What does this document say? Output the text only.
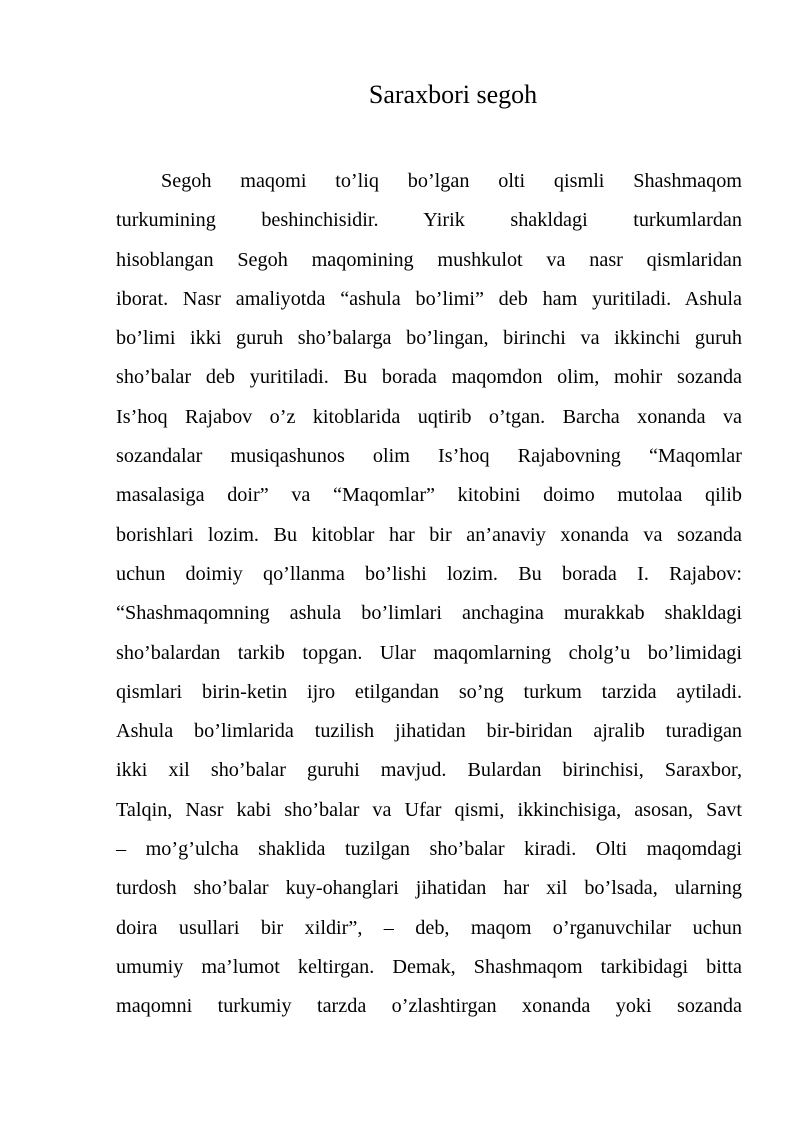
Saraxbori segoh
Segoh maqomi to’liq bo’lgan olti qismli Shashmaqom
turkumining beshinchisidir. Yirik shakldagi turkumlardan
hisoblangan Segoh maqomining mushkulot va nasr qismlaridan
iborat. Nasr amaliyotda “ashula bo’limi” deb ham yuritiladi. Ashula
bo’limi ikki guruh sho’balarga bo’lingan, birinchi va ikkinchi guruh
sho’balar deb yuritiladi. Bu borada maqomdon olim, mohir sozanda
Is’hoq Rajabov o’z kitoblarida uqtirib o’tgan. Barcha xonanda va
sozandalar musiqashunos olim Is’hoq Rajabovning “Maqomlar
masalasiga doir” va “Maqomlar” kitobini doimo mutolaa qilib
borishlari lozim. Bu kitoblar har bir an’anaviy xonanda va sozanda
uchun doimiy qo’llanma bo’lishi lozim. Bu borada I. Rajabov:
“Shashmaqomning ashula bo’limlari anchagina murakkab shakldagi
sho’balardan tarkib topgan. Ular maqomlarning cholg’u bo’limidagi
qismlari birin-ketin ijro etilgandan so’ng turkum tarzida aytiladi.
Ashula bo’limlarida tuzilish jihatidan bir-biridan ajralib turadigan
ikki xil sho’balar guruhi mavjud. Bulardan birinchisi, Saraxbor,
Talqin, Nasr kabi sho’balar va Ufar qismi, ikkinchisiga, asosan, Savt
– mo’g’ulcha shaklida tuzilgan sho’balar kiradi. Olti maqomdagi
turdosh sho’balar kuy-ohanglari jihatidan har xil bo’lsada, ularning
doira usullari bir xildir”, – deb, maqom o’rganuvchilar uchun
umumiy ma’lumot keltirgan. Demak, Shashmaqom tarkibidagi bitta
maqomni turkumiy tarzda o’zlashtirgan xonanda yoki sozanda
